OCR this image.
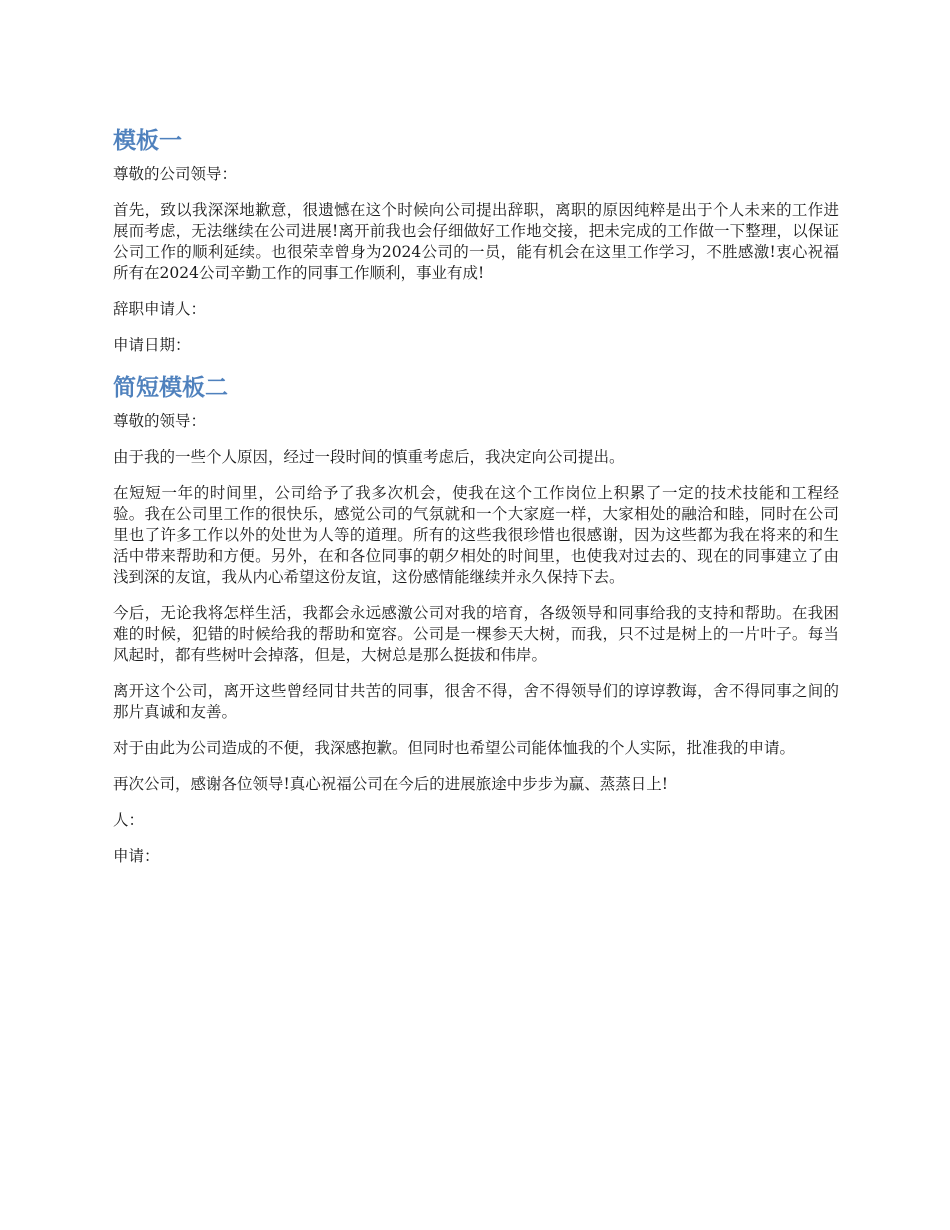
模板一

尊敬的公司领导：

首先，致以我深深地歉意，很遗憾在这个时候向公司提出辞职，离职的原因纯粹是出于个人未来的工作进展而考虑，无法继续在公司进展!离开前我也会仔细做好工作地交接，把未完成的工作做一下整理，以保证公司工作的顺利延续。也很荣幸曾身为2024公司的一员，能有机会在这里工作学习，不胜感激!衷心祝福所有在2024公司辛勤工作的同事工作顺利，事业有成!

辞职申请人：

申请日期：

简短模板二

尊敬的领导：

由于我的一些个人原因，经过一段时间的慎重考虑后，我决定向公司提出。

在短短一年的时间里，公司给予了我多次机会，使我在这个工作岗位上积累了一定的技术技能和工程经验。我在公司里工作的很快乐，感觉公司的气氛就和一个大家庭一样，大家相处的融洽和睦，同时在公司里也了许多工作以外的处世为人等的道理。所有的这些我很珍惜也很感谢，因为这些都为我在将来的和生活中带来帮助和方便。另外，在和各位同事的朝夕相处的时间里，也使我对过去的、现在的同事建立了由浅到深的友谊，我从内心希望这份友谊，这份感情能继续并永久保持下去。

今后，无论我将怎样生活，我都会永远感激公司对我的培育，各级领导和同事给我的支持和帮助。在我困难的时候，犯错的时候给我的帮助和宽容。公司是一棵参天大树，而我，只不过是树上的一片叶子。每当风起时，都有些树叶会掉落，但是，大树总是那么挺拔和伟岸。

离开这个公司，离开这些曾经同甘共苦的同事，很舍不得，舍不得领导们的谆谆教诲，舍不得同事之间的那片真诚和友善。

对于由此为公司造成的不便，我深感抱歉。但同时也希望公司能体恤我的个人实际，批准我的申请。

再次公司，感谢各位领导!真心祝福公司在今后的进展旅途中步步为赢、蒸蒸日上!

人：

申请：
